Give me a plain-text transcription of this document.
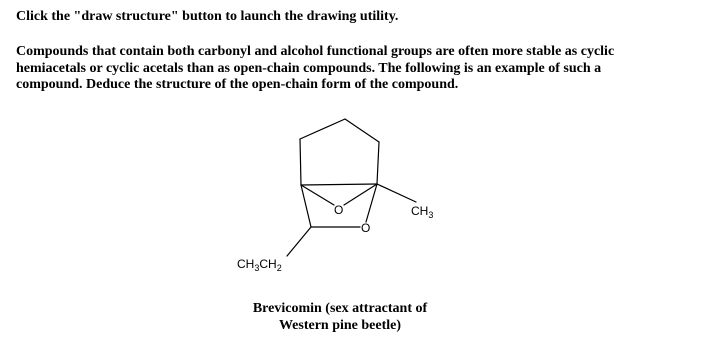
Click the "draw structure" button to launch the drawing utility.
Compounds that contain both carbonyl and alcohol functional groups are often more stable as cyclic
hemiacetals or cyclic acetals than as open-chain compounds. The following is an example of such a
compound. Deduce the structure of the open-chain form of the compound.
O
O
$CH_3$
$CH_3CH_2$
Brevicomin (sex attractant of
Western pine beetle)
